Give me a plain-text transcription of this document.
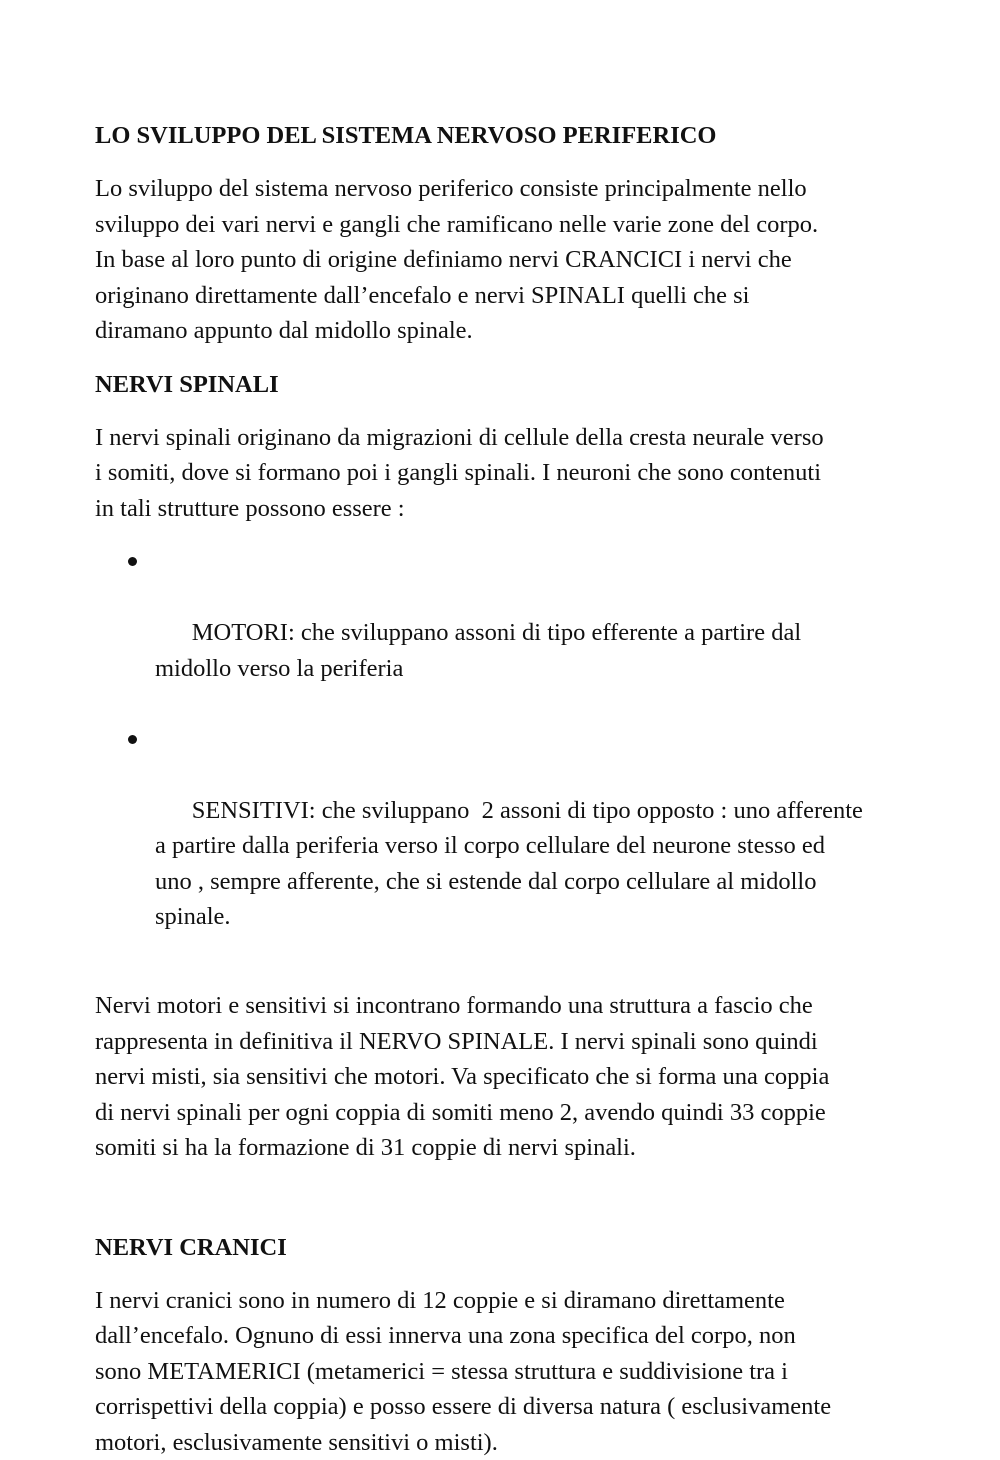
LO SVILUPPO DEL SISTEMA NERVOSO PERIFERICO

Lo sviluppo del sistema nervoso periferico consiste principalmente nello
sviluppo dei vari nervi e gangli che ramificano nelle varie zone del corpo.
In base al loro punto di origine definiamo nervi CRANCICI i nervi che
originano direttamente dall’encefalo e nervi SPINALI quelli che si
diramano appunto dal midollo spinale.

NERVI SPINALI

I nervi spinali originano da migrazioni di cellule della cresta neurale verso
i somiti, dove si formano poi i gangli spinali. I neuroni che sono contenuti
in tali strutture possono essere :

MOTORI: che sviluppano assoni di tipo efferente a partire dal
midollo verso la periferia

SENSITIVI: che sviluppano  2 assoni di tipo opposto : uno afferente
a partire dalla periferia verso il corpo cellulare del neurone stesso ed
uno , sempre afferente, che si estende dal corpo cellulare al midollo
spinale.

Nervi motori e sensitivi si incontrano formando una struttura a fascio che
rappresenta in definitiva il NERVO SPINALE. I nervi spinali sono quindi
nervi misti, sia sensitivi che motori. Va specificato che si forma una coppia
di nervi spinali per ogni coppia di somiti meno 2, avendo quindi 33 coppie
somiti si ha la formazione di 31 coppie di nervi spinali.

NERVI CRANICI

I nervi cranici sono in numero di 12 coppie e si diramano direttamente
dall’encefalo. Ognuno di essi innerva una zona specifica del corpo, non
sono METAMERICI (metamerici = stessa struttura e suddivisione tra i
corrispettivi della coppia) e posso essere di diversa natura ( esclusivamente
motori, esclusivamente sensitivi o misti).
